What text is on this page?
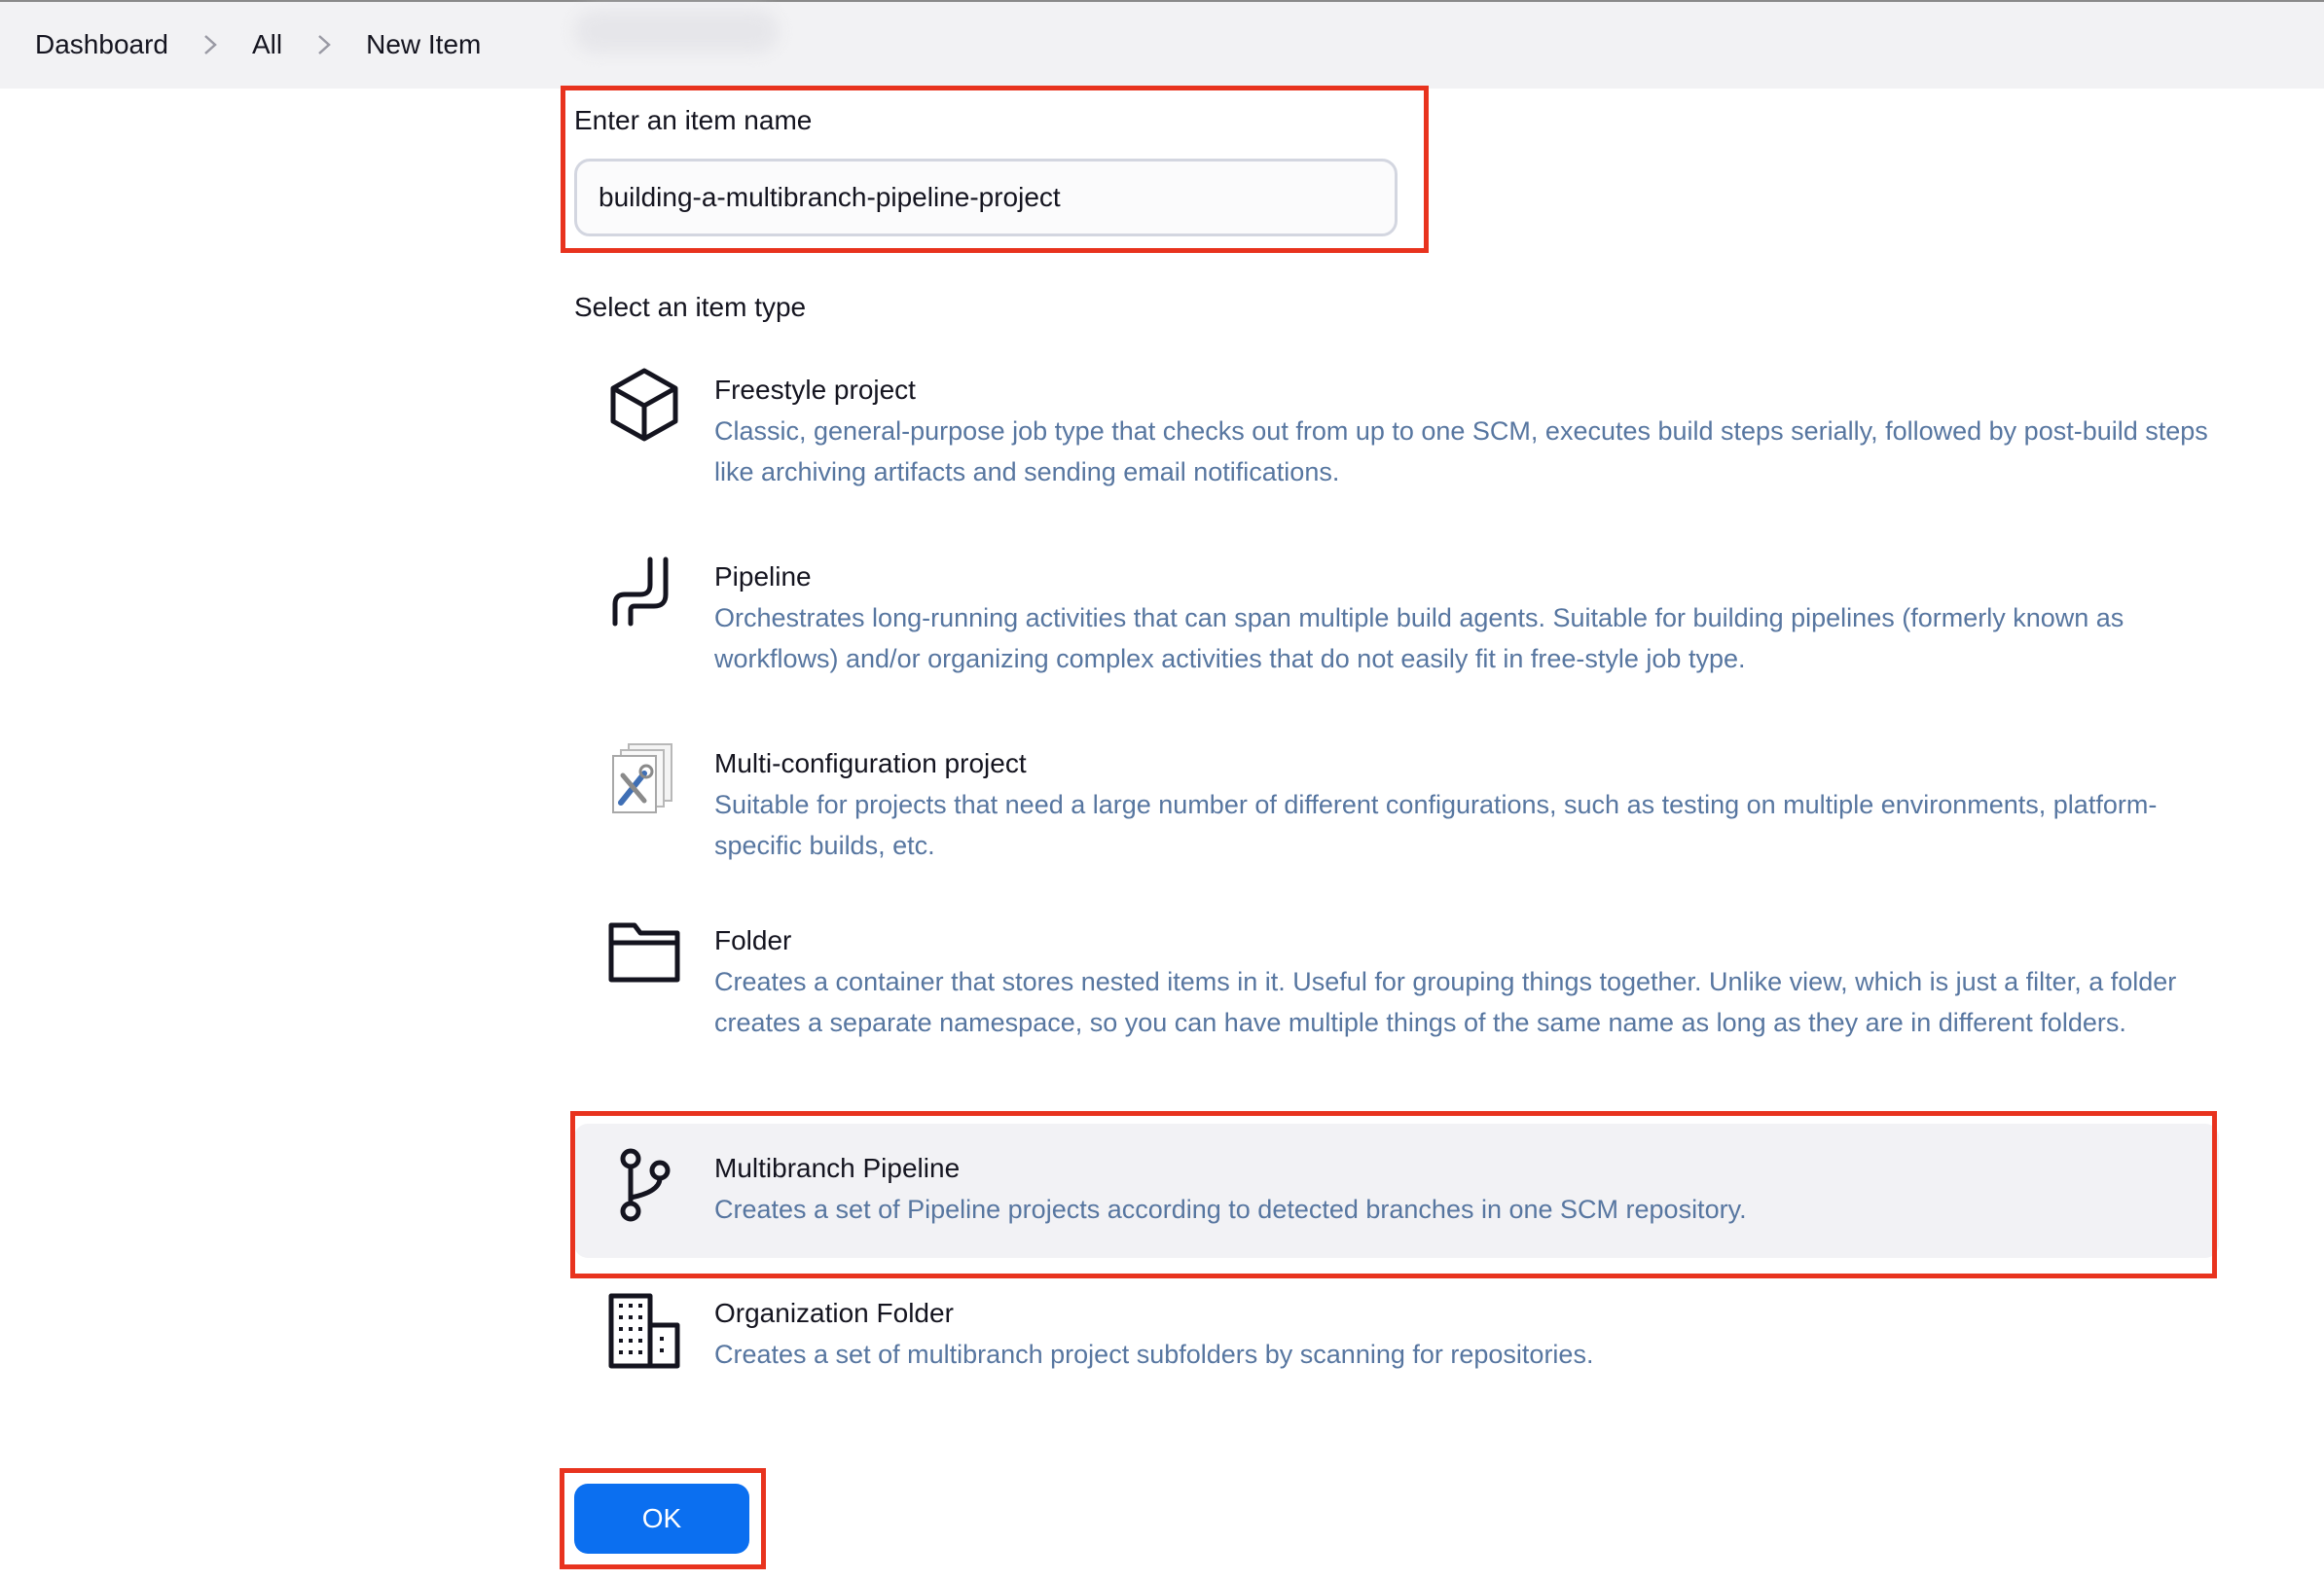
Dashboard	All	New Item
Enter an item name
building-a-multibranch-pipeline-project
Select an item type
Freestyle project
Classic, general-purpose job type that checks out from up to one SCM, executes build steps serially, followed by post-build steps like archiving artifacts and sending email notifications.
Pipeline
Orchestrates long-running activities that can span multiple build agents. Suitable for building pipelines (formerly known as workflows) and/or organizing complex activities that do not easily fit in free-style job type.
Multi-configuration project
Suitable for projects that need a large number of different configurations, such as testing on multiple environments, platform-specific builds, etc.
Folder
Creates a container that stores nested items in it. Useful for grouping things together. Unlike view, which is just a filter, a folder creates a separate namespace, so you can have multiple things of the same name as long as they are in different folders.
Multibranch Pipeline
Creates a set of Pipeline projects according to detected branches in one SCM repository.
Organization Folder
Creates a set of multibranch project subfolders by scanning for repositories.
OK
